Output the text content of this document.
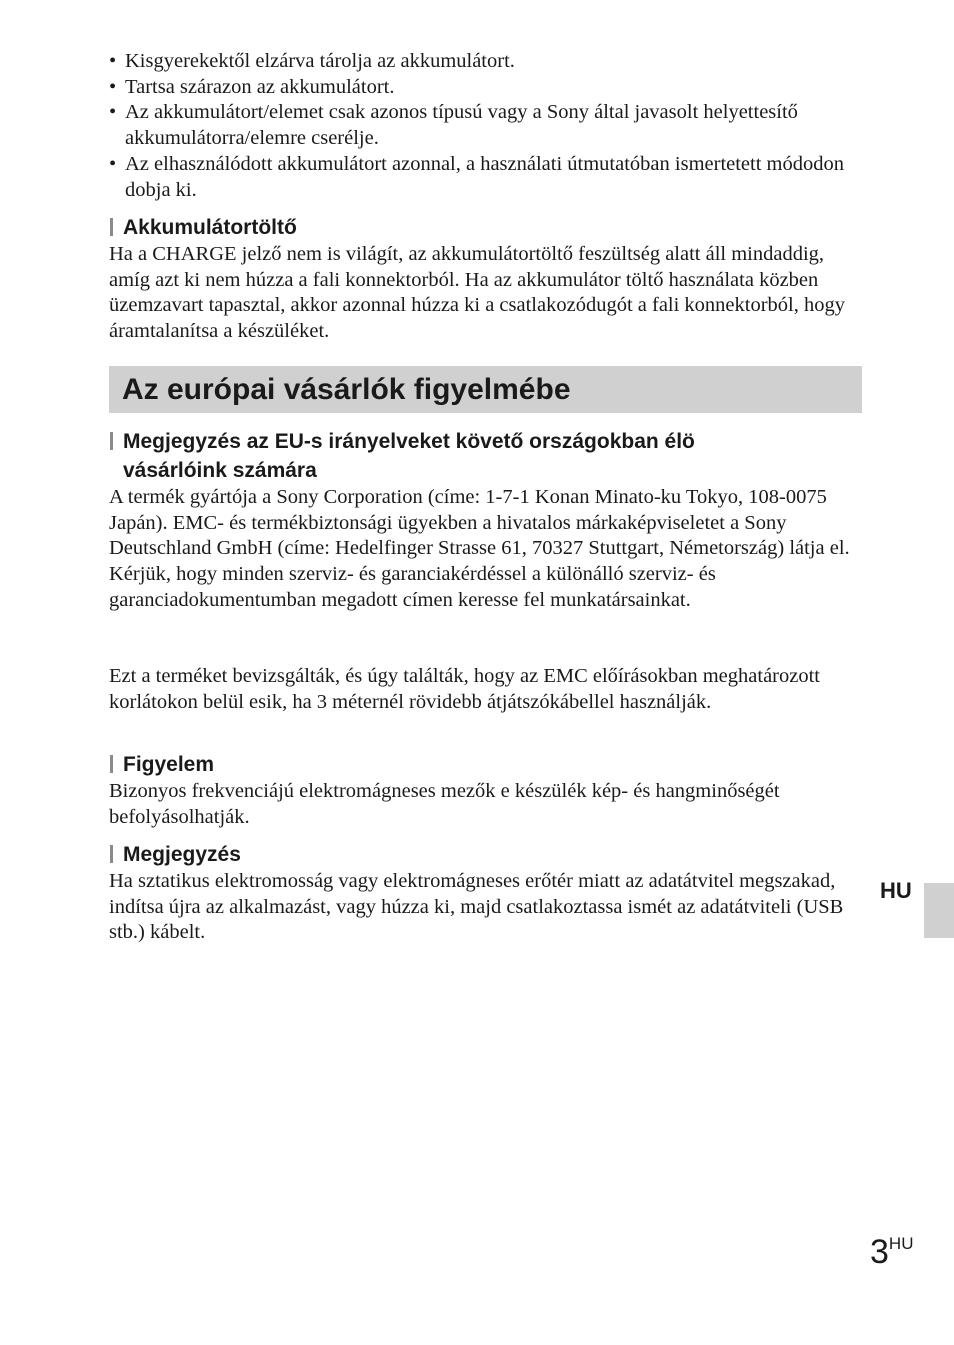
• Kisgyerekektől elzárva tárolja az akkumulátort.
• Tartsa szárazon az akkumulátort.
• Az akkumulátort/elemet csak azonos típusú vagy a Sony által javasolt helyettesítő akkumulátorra/elemre cserélje.
• Az elhasználódott akkumulátort azonnal, a használati útmutatóban ismertetett módodon dobja ki.
Akkumulátortöltő

Ha a CHARGE jelző nem is világít, az akkumulátortöltő feszültség alatt áll mindaddig, amíg azt ki nem húzza a fali konnektorból. Ha az akkumulátor töltő használata közben üzemzavart tapasztal, akkor azonnal húzza ki a csatlakozódugót a fali konnektorból, hogy áramtalanítsa a készüléket.

Az európai vásárlók figyelmébe
Megjegyzés az EU-s irányelveket követő országokban élö
vásárlóink számára

A termék gyártója a Sony Corporation (címe: 1-7-1 Konan Minato-ku Tokyo, 108-0075 Japán). EMC- és termékbiztonsági ügyekben a hivatalos márkaképviseletet a Sony Deutschland GmbH (címe: Hedelfinger Strasse 61, 70327 Stuttgart, Németország) látja el. Kérjük, hogy minden szerviz- és garanciakérdéssel a különálló szerviz- és garanciadokumentumban megadott címen keresse fel munkatársainkat.

Ezt a terméket bevizsgálták, és úgy találták, hogy az EMC előírásokban meghatározott korlátokon belül esik, ha 3 méternél rövidebb átjátszókábellel használják.

Figyelem

Bizonyos frekvenciájú elektromágneses mezők e készülék kép- és hangminőségét befolyásolhatják.

Megjegyzés

Ha sztatikus elektromosság vagy elektromágneses erőtér miatt az adatátvitel megszakad, indítsa újra az alkalmazást, vagy húzza ki, majd csatlakoztassa ismét az adatátviteli (USB stb.) kábelt.

HU
3HU
